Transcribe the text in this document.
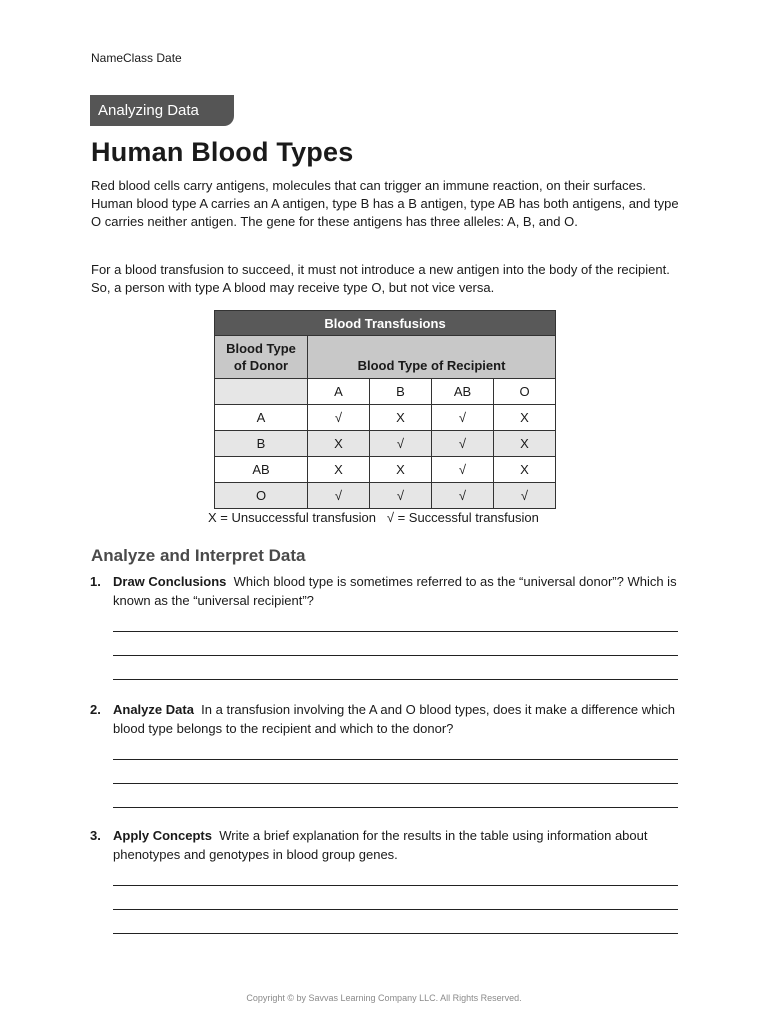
NameClass Date
Analyzing Data
Human Blood Types

Red blood cells carry antigens, molecules that can trigger an immune reaction, on their surfaces. Human blood type A carries an A antigen, type B has a B antigen, type AB has both antigens, and type O carries neither antigen. The gene for these antigens has three alleles: A, B, and O.

For a blood transfusion to succeed, it must not introduce a new antigen into the body of the recipient. So, a person with type A blood may receive type O, but not vice versa.

Blood Transfusions				
Blood Type of Donor	Blood Type of Recipient			
	A	B	AB	O
A	√	X	√	X
B	X	√	√	X
AB	X	X	√	X
O	√	√	√	√
X = Unsuccessful transfusion   √ = Successful transfusion
Analyze and Interpret Data
1. Draw Conclusions Which blood type is sometimes referred to as the “universal donor”? Which is known as the “universal recipient”?
2. Analyze Data In a transfusion involving the A and O blood types, does it make a difference which blood type belongs to the recipient and which to the donor?
3. Apply Concepts Write a brief explanation for the results in the table using information about phenotypes and genotypes in blood group genes.
Copyright © by Savvas Learning Company LLC. All Rights Reserved.
